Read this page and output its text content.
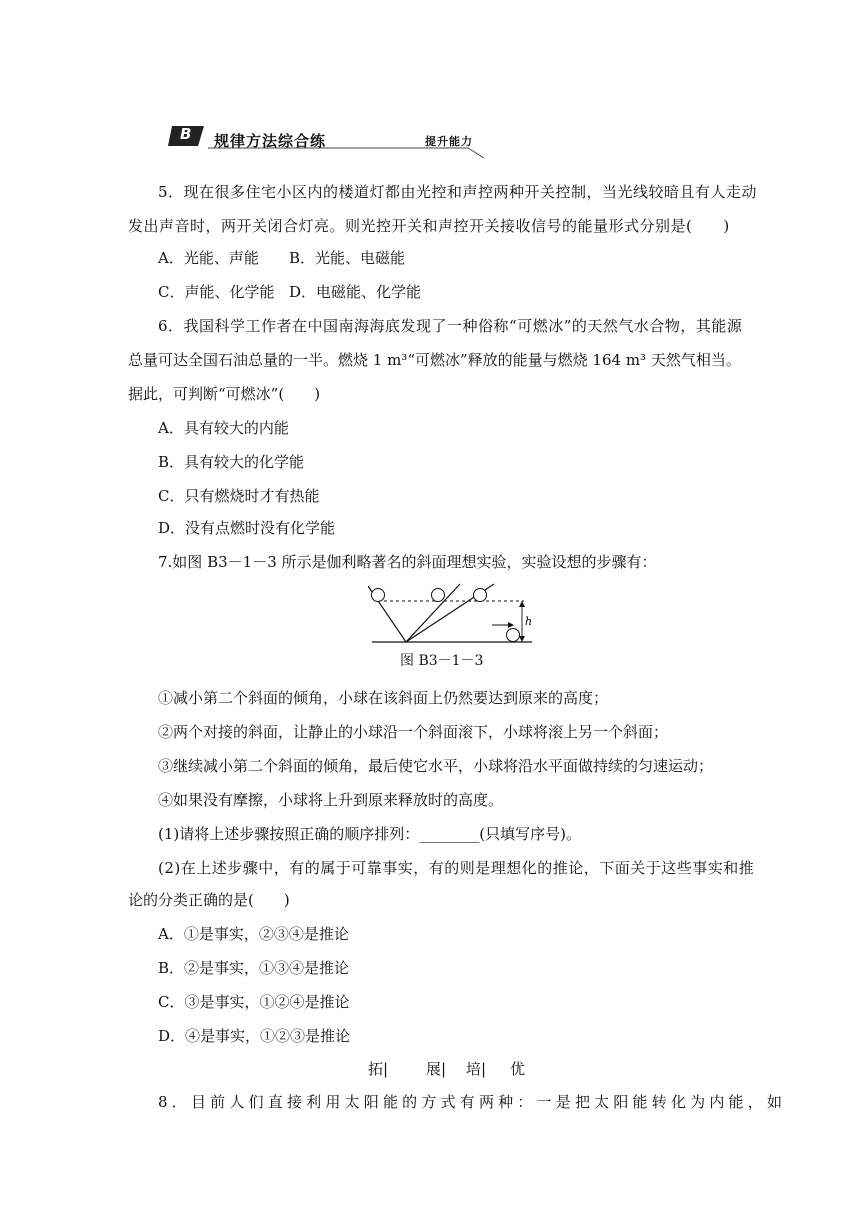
B 规律方法综合练	提升能力
5．现在很多住宅小区内的楼道灯都由光控和声控两种开关控制，当光线较暗且有人走动
发出声音时，两开关闭合灯亮。则光控开关和声控开关接收信号的能量形式分别是(　　)
A．光能、声能 B．光能、电磁能
C．声能、化学能 D．电磁能、化学能
6．我国科学工作者在中国南海海底发现了一种俗称“可燃冰”的天然气水合物，其能源
总量可达全国石油总量的一半。燃烧 1 m³“可燃冰”释放的能量与燃烧 164 m³ 天然气相当。
据此，可判断“可燃冰”(　　)
A．具有较大的内能
B．具有较大的化学能
C．只有燃烧时才有热能
D．没有点燃时没有化学能
7.如图 B3－1－3 所示是伽利略著名的斜面理想实验，实验设想的步骤有：
h
图 B3－1－3
①减小第二个斜面的倾角，小球在该斜面上仍然要达到原来的高度；
②两个对接的斜面，让静止的小球沿一个斜面滚下，小球将滚上另一个斜面；
③继续减小第二个斜面的倾角，最后使它水平，小球将沿水平面做持续的匀速运动；
④如果没有摩擦，小球将上升到原来释放时的高度。
(1)请将上述步骤按照正确的顺序排列：________(只填写序号)。
(2)在上述步骤中，有的属于可靠事实，有的则是理想化的推论，下面关于这些事实和推
论的分类正确的是(　　)
A．①是事实，②③④是推论
B．②是事实，①③④是推论
C．③是事实，①②④是推论
D．④是事实，①②③是推论
拓|	展| 培| 优
8．目前人们直接利用太阳能的方式有两种：一是把太阳能转化为内能，如
